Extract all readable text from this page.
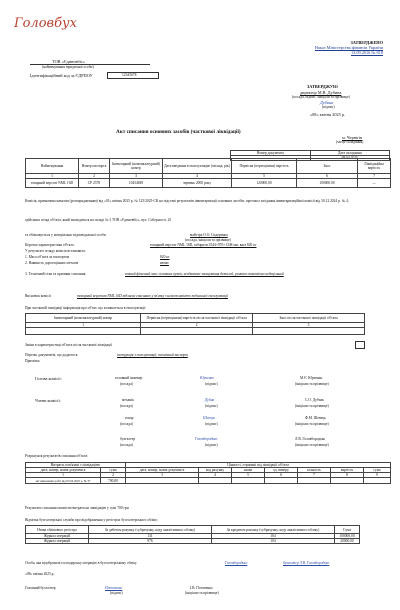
Головбух
ЗАТВЕРДЖЕНО
Наказ Міністерства фінансів України
13.09.2016 № 818
ТОВ «Єдиновбіс»
(найменування юридичної особи)
Ідентифікаційний код за ЄДРПОУ	12345678
ЗАТВЕРДЖУЮ
директор М.В. Дубина
(посада, підпис, ініціали та прізвище)
Дубина
(підпис)
«08» квітня 2025 р.
Акт списання основних засобів (часткової ліквідації)
м. Чернігів
(місце складання)
Номер документа	Дата складання
	08.04.2025
Найменування	Номер паспорта	Інвентарний (номенклатурний) номер	Дата введення в експлуатацію (місяць, рік)	Первісна (переоцінена) вартість	Знос	Ліквідаційна вартість
1	2	3	4	5	6	7
токарний верстат NML 16D	СР 2578	10454849	червень 2000 року	120000,00	100000,00	—
Комісія, призначена наказом (розпорядженням) від «01» квітня 2025 р. № 125/2025-СК на підставі результатів інвентаризації основних засобів, протокол засідання інвентаризаційної комісії від 30.12.2024 р. № 4,
здійснила огляд об'єкта, який знаходиться на складі № 3 ТОВ «Єдиновбіс», вул. Соборності, 25
та обліковується у матеріально відповідальної особи	майстра О.О. Сидоренка
(посада, ініціали та прізвище)
Коротка характеристика об'єкта	токарний верстат NML 16D, габарити 3544×970×1348 мм, вага 820 кг
У результаті огляду комісія встановила:
1. Маса об'єкта за паспортом	820 кг
2. Наявність дорогоцінних металів	немає
3. Технічний стан та причини списання	повний фізичний знос основних вузлів, неоднакове зношування деталей, ремонт економічно недоцільний
Висновок комісії	токарний верстат NML 16D підлягає списанню у зв'язку з неможливістю подальшої експлуатації
При частковій ліквідації інформація про об'єкт, що залишається в експлуатації:
Інвентарний (номенклатурний) номер	Первісна (переоцінена) вартість після часткової ліквідації об'єкта	Знос після часткової ліквідації об'єкта
1	2	3

Зміни в характеристиці об'єкта після часткової ліквідації
Перелік документів, що додається	інструкція з експлуатації, технічний паспорт
Примітка
Голова комісії:
Члени комісії:
головний інженер	Юрченко	М.Є. Юрченко
(посада)	(підпис)	(ініціали та прізвище)
механік	Дубик	С.О. Дубчак
(посада)	(підпис)	(ініціали та прізвище)
токар	Шевчук	Ф.М. Шевець
(посада)	(підпис)	(ініціали та прізвище)
бухгалтер	Головбородько	Л.В. Головбородько
(посада)	(підпис)	(ініціали та прізвище)
Розрахунок результатів списання об'єкта:
Витрати, пов'язані з ліквідацією		Цінності, отримані від ліквідації об'єкта						
дата, номер, назва документа	сума	дата, номер, назва документа	код рахунку	назва	од. виміру	кількість	вартість	сума
1	2	3	4	5	6	7	8	9
акт виконаних робіт від 05.04.2025 р. № 37	700,00							
Результати списання повністю витрати на ліквідацію у сумі 700 грн
Відмітка бухгалтерської служби про відображення у регістрах бухгалтерського обліку:
Назва облікового регістра	За дебетом рахунку (субрахунку, коду аналітичного обліку)	За кредитом рахунку (субрахунку, коду аналітичного обліку)	Сума
Журнал операцій	131	104	100000,00
Журнал операцій	976	104	20000,00
Особа, яка відобразила господарську операцію в бухгалтерському обліку	Головбородько	бухгалтер Л.В. Головбородько
«08» квітня 2025 р.
Головний бухгалтер	Потапенко	І.В. Потапенко
(підпис)	(ініціали та прізвище)
